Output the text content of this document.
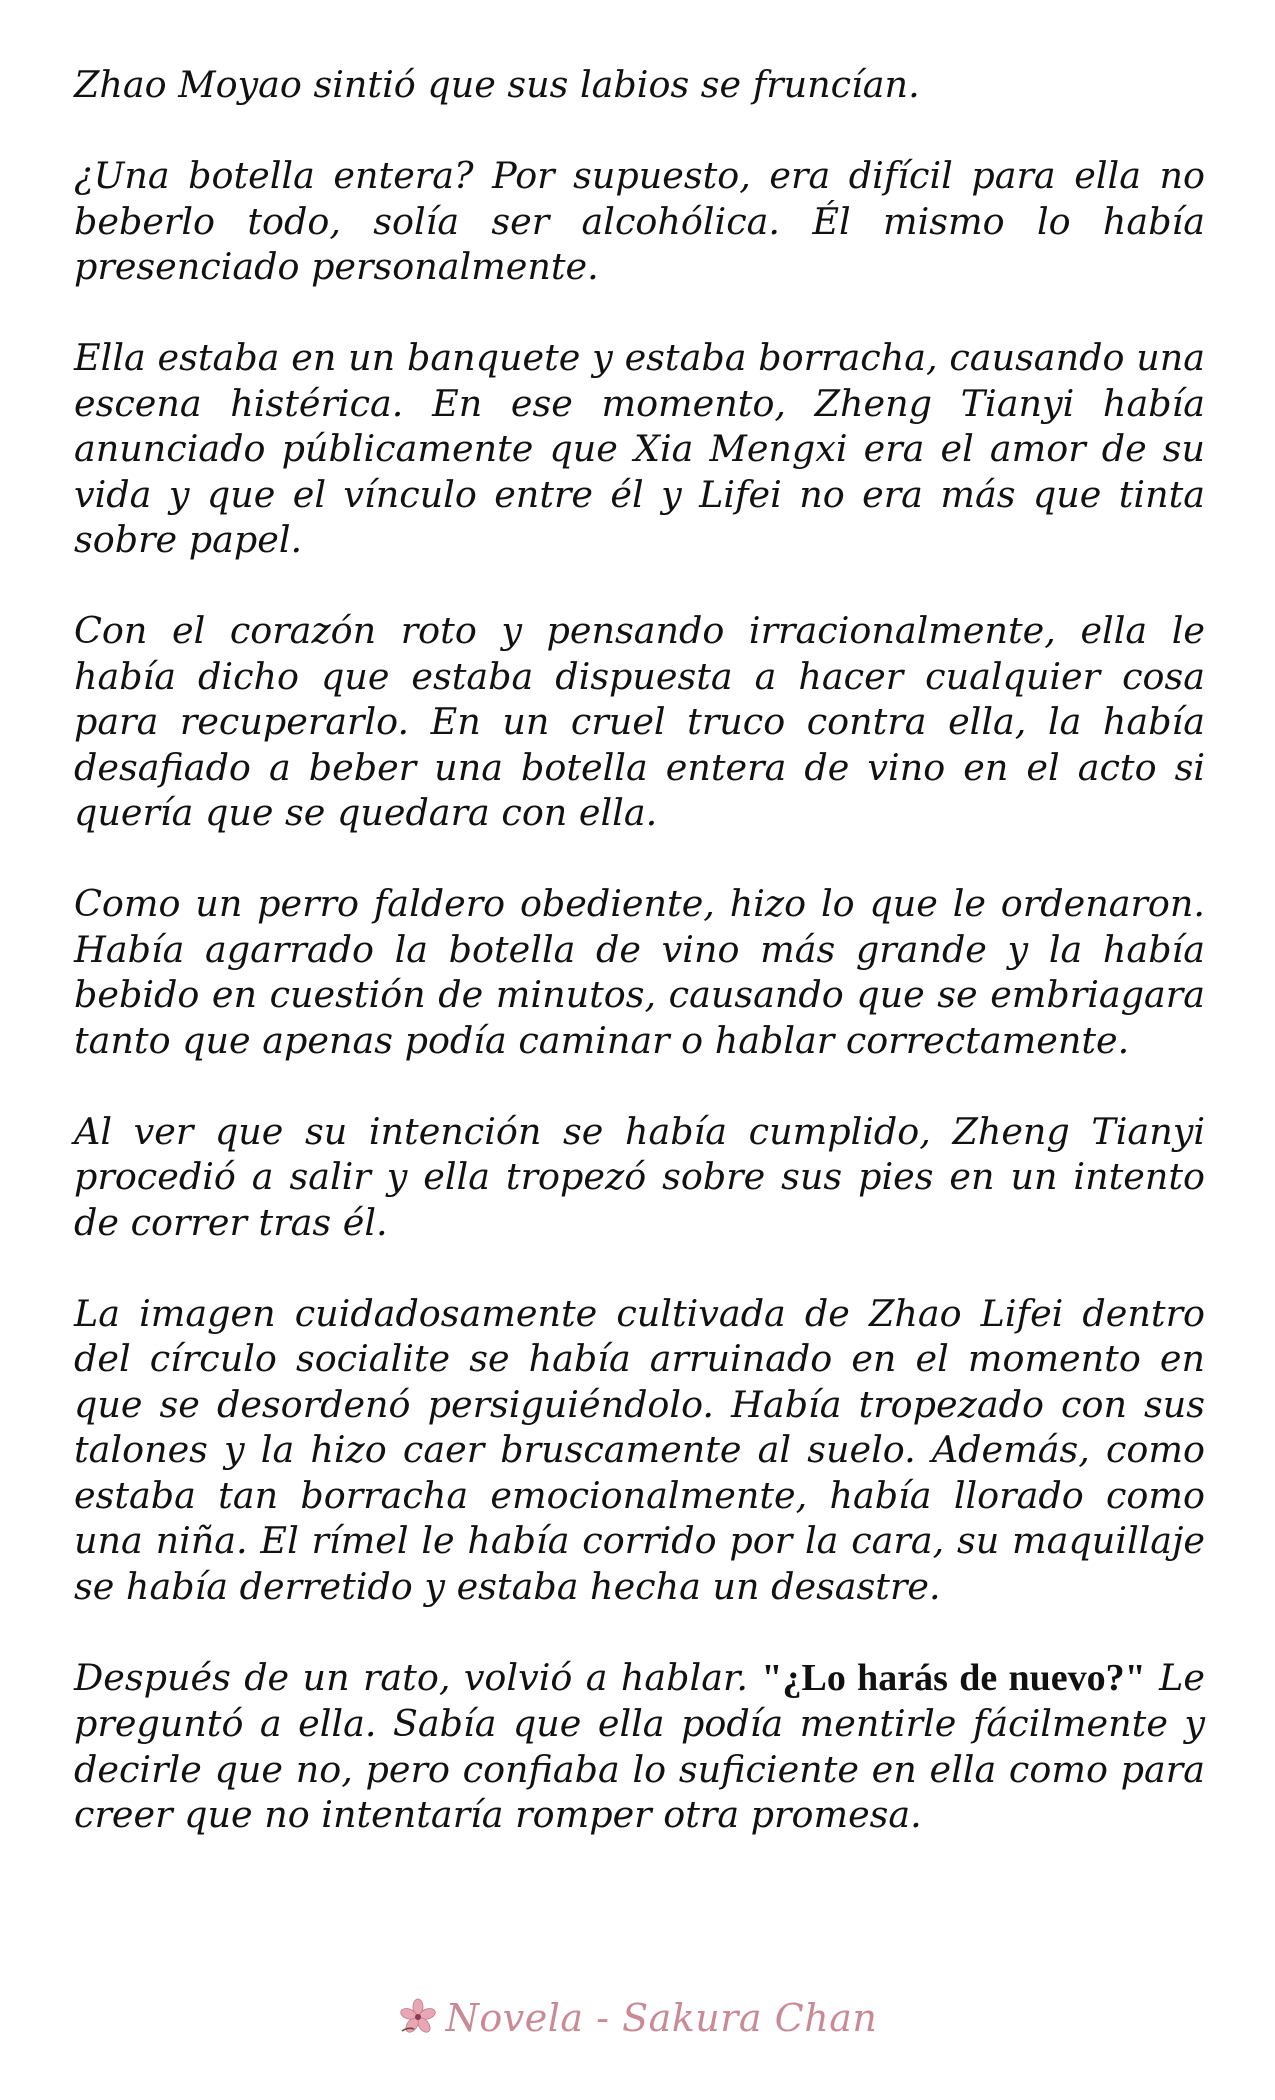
Zhao Moyao sintió que sus labios se fruncían.

¿Una botella entera? Por supuesto, era difícil para ella no beberlo todo, solía ser alcohólica. Él mismo lo había presenciado personalmente.

Ella estaba en un banquete y estaba borracha, causando una escena histérica. En ese momento, Zheng Tianyi había anunciado públicamente que Xia Mengxi era el amor de su vida y que el vínculo entre él y Lifei no era más que tinta sobre papel.

Con el corazón roto y pensando irracionalmente, ella le había dicho que estaba dispuesta a hacer cualquier cosa para recuperarlo. En un cruel truco contra ella, la había desafiado a beber una botella entera de vino en el acto si quería que se quedara con ella.

Como un perro faldero obediente, hizo lo que le ordenaron. Había agarrado la botella de vino más grande y la había bebido en cuestión de minutos, causando que se embriagara tanto que apenas podía caminar o hablar correctamente.

Al ver que su intención se había cumplido, Zheng Tianyi procedió a salir y ella tropezó sobre sus pies en un intento de correr tras él.

La imagen cuidadosamente cultivada de Zhao Lifei dentro del círculo socialite se había arruinado en el momento en que se desordenó persiguiéndolo. Había tropezado con sus talones y la hizo caer bruscamente al suelo. Además, como estaba tan borracha emocionalmente, había llorado como una niña. El rímel le había corrido por la cara, su maquillaje se había derretido y estaba hecha un desastre.

Después de un rato, volvió a hablar. "¿Lo harás de nuevo?" Le preguntó a ella. Sabía que ella podía mentirle fácilmente y decirle que no, pero confiaba lo suficiente en ella como para creer que no intentaría romper otra promesa.

Novela - Sakura Chan
